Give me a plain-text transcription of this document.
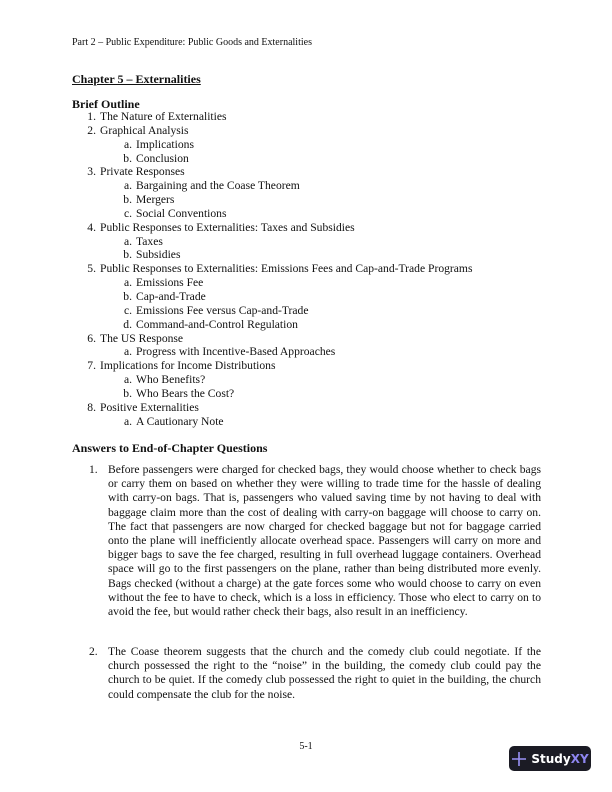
Part 2 – Public Expenditure: Public Goods and Externalities
Chapter 5 – Externalities
Brief Outline
1. The Nature of Externalities
2. Graphical Analysis
a. Implications
b. Conclusion
3. Private Responses
a. Bargaining and the Coase Theorem
b. Mergers
c. Social Conventions
4. Public Responses to Externalities: Taxes and Subsidies
a. Taxes
b. Subsidies
5. Public Responses to Externalities: Emissions Fees and Cap-and-Trade Programs
a. Emissions Fee
b. Cap-and-Trade
c. Emissions Fee versus Cap-and-Trade
d. Command-and-Control Regulation
6. The US Response
a. Progress with Incentive-Based Approaches
7. Implications for Income Distributions
a. Who Benefits?
b. Who Bears the Cost?
8. Positive Externalities
a. A Cautionary Note
Answers to End-of-Chapter Questions
1. Before passengers were charged for checked bags, they would choose whether to check bags or carry them on based on whether they were willing to trade time for the hassle of dealing with carry-on bags. That is, passengers who valued saving time by not having to deal with baggage claim more than the cost of dealing with carry-on baggage will choose to carry on. The fact that passengers are now charged for checked baggage but not for baggage carried onto the plane will inefficiently allocate overhead space. Passengers will carry on more and bigger bags to save the fee charged, resulting in full overhead luggage containers. Overhead space will go to the first passengers on the plane, rather than being distributed more evenly. Bags checked (without a charge) at the gate forces some who would choose to carry on even without the fee to have to check, which is a loss in efficiency. Those who elect to carry on to avoid the fee, but would rather check their bags, also result in an inefficiency.
2. The Coase theorem suggests that the church and the comedy club could negotiate. If the church possessed the right to the “noise” in the building, the comedy club could pay the church to be quiet. If the comedy club possessed the right to quiet in the building, the church could compensate the club for the noise.
5-1
StudyXY
